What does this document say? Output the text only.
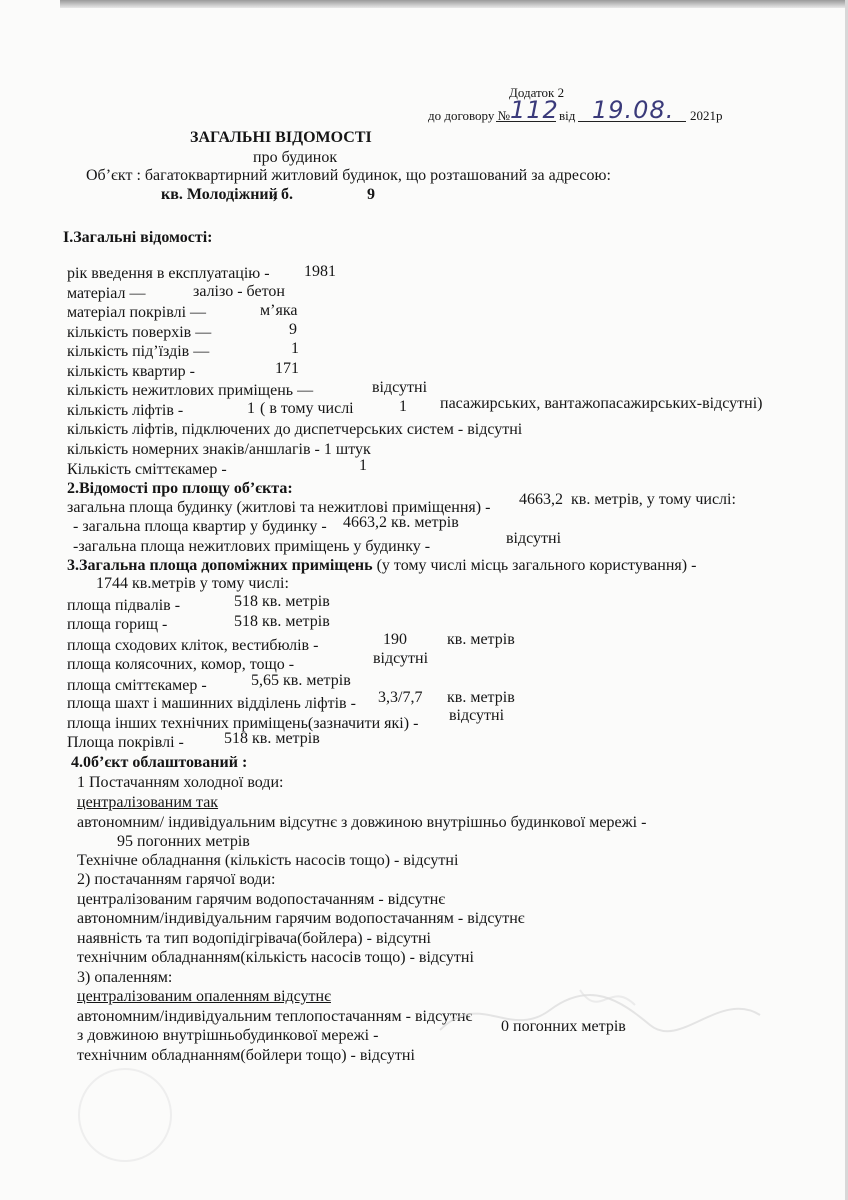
Додаток 2
до договору № 112 від 19.08. 2021р
ЗАГАЛЬНІ ВІДОМОСТІ
про будинок
Об’єкт : багатоквартирний житловий будинок, що розташований за адресою:
кв. Молодіжний
, б.	9
І.Загальні відомості:
рік введення в експлуатацію - 1981
матеріал —	залізо - бетон
матеріал покрівлі —	м’яка
кількість поверхів —	9
кількість під’їздів —	1
кількість квартир -	171
кількість нежитлових приміщень —	відсутні
кількість ліфтів -	1 ( в тому числі	1 пасажирських, вантажопасажирських-відсутні)
кількість ліфтів, підключених до диспетчерських систем - відсутні
кількість номерних знаків/аншлагів - 1 штук
Кількість сміттєкамер -	1
2.Відомості про площу об’єкта:
загальна площа будинку (житлові та нежитлові приміщення) - 4663,2 кв. метрів, у тому числі:
- загальна площа квартир у будинку - 4663,2 кв. метрів
-загальна площа нежитлових приміщень у будинку -	відсутні
3.Загальна площа допоміжних приміщень (у тому числі місць загального користування) -
1744 кв.метрів у тому числі:
площа підвалів -	518 кв. метрів
площа горищ -	518 кв. метрів
площа сходових кліток, вестибюлів -	190	кв. метрів
площа колясочних, комор, тощо -	відсутні
площа сміттєкамер -	5,65 кв. метрів
площа шахт і машинних відділень ліфтів - 3,3/7,7 кв. метрів
площа інших технічних приміщень(зазначити які) - відсутні
Площа покрівлі -	518 кв. метрів
4.0б’єкт облаштований :
1 Постачанням холодної води:
централізованим так
автономним/ індивідуальним відсутнє з довжиною внутрішньо будинкової мережі -
95 погонних метрів
Технічне обладнання (кількість насосів тощо) - відсутні
2) постачанням гарячої води:
централізованим гарячим водопостачанням - відсутнє
автономним/індивідуальним гарячим водопостачанням - відсутнє
наявність та тип водопідігрівача(бойлера) - відсутні
технічним обладнанням(кількість насосів тощо) - відсутні
3) опаленням:
централізованим опаленням відсутнє
автономним/індивідуальним теплопостачанням - відсутнє
з довжиною внутрішньобудинкової мережі -
0 погонних метрів
технічним обладнанням(бойлери тощо) - відсутні
